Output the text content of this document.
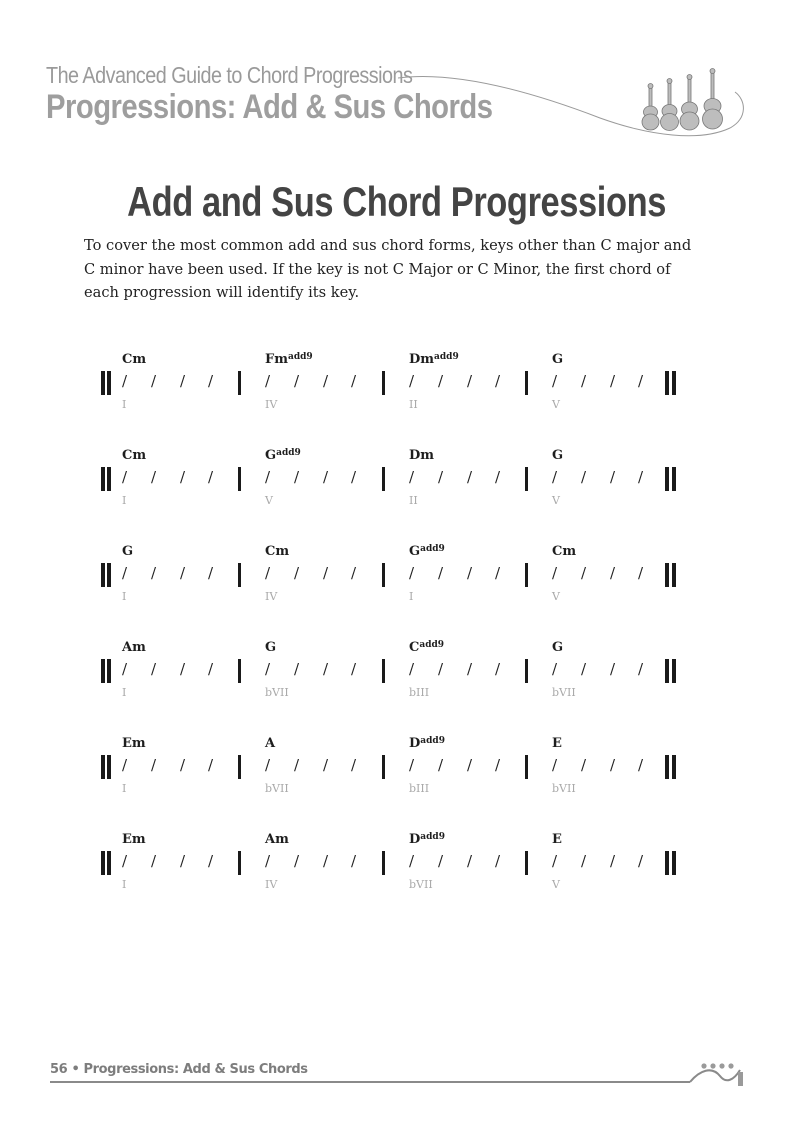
The Advanced Guide to Chord Progressions
Progressions: Add & Sus Chords
Add and Sus Chord Progressions
To cover the most common add and sus chord forms, keys other than C major and C minor have been used. If the key is not C Major or C Minor, the first chord of each progression will identify its key.
Cm
/ / / /
I
$Fm^{add9}$
/ / / /
IV
$Dm^{add9}$
/ / / /
II
G
/ / / /
V
Cm
/ / / /
I
$G^{add9}$
/ / / /
V
Dm
/ / / /
II
G
/ / / /
V
G
/ / / /
I
Cm
/ / / /
IV
$G^{add9}$
/ / / /
I
Cm
/ / / /
V
Am
/ / / /
I
G
/ / / /
bVII
$C^{add9}$
/ / / /
bIII
G
/ / / /
bVII
Em
/ / / /
I
A
/ / / /
bVII
$D^{add9}$
/ / / /
bIII
E
/ / / /
bVII
Em
/ / / /
I
Am
/ / / /
IV
$D^{add9}$
/ / / /
bVII
E
/ / / /
V
56 • Progressions: Add & Sus Chords
